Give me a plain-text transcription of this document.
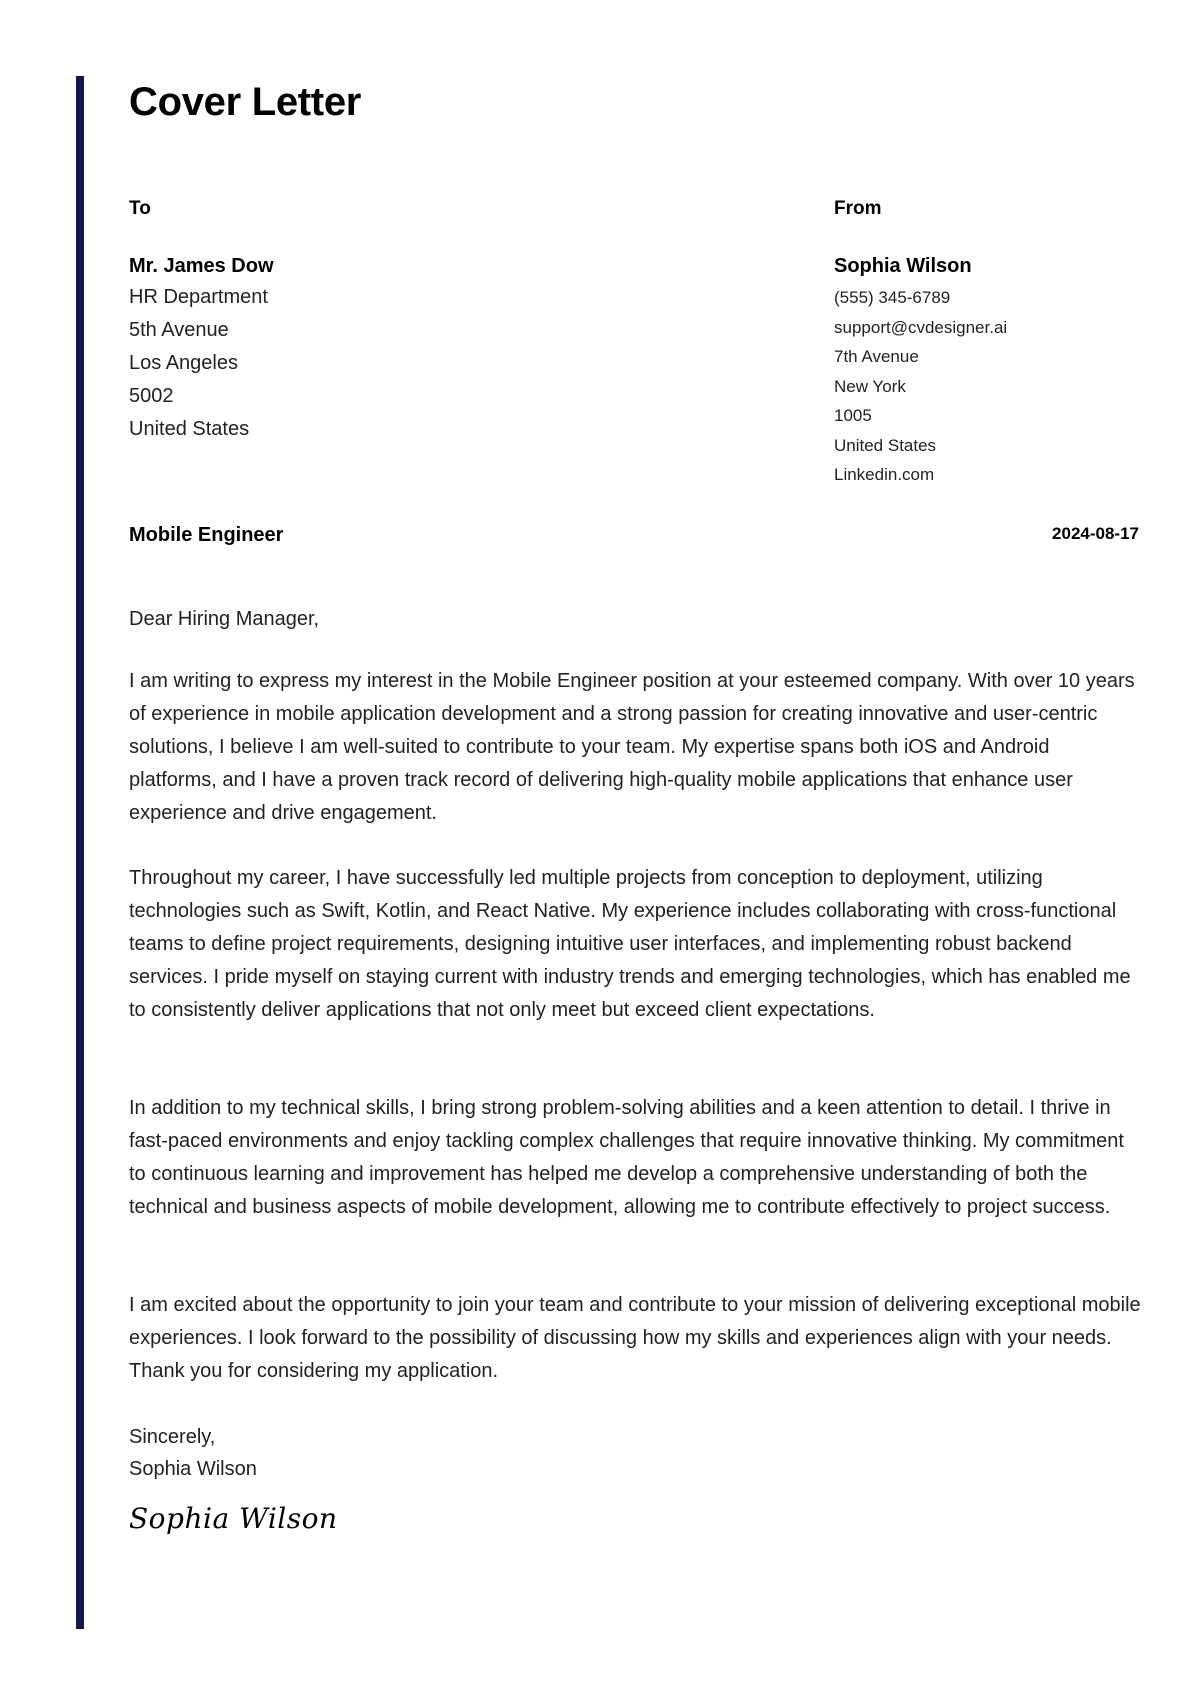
Cover Letter
To
Mr. James Dow
HR Department
5th Avenue
Los Angeles
5002
United States
From
Sophia Wilson
(555) 345-6789
support@cvdesigner.ai
7th Avenue
New York
1005
United States
Linkedin.com
Mobile Engineer	2024-08-17
Dear Hiring Manager,

I am writing to express my interest in the Mobile Engineer position at your esteemed company. With over 10 years of experience in mobile application development and a strong passion for creating innovative and user-centric solutions, I believe I am well-suited to contribute to your team. My expertise spans both iOS and Android platforms, and I have a proven track record of delivering high-quality mobile applications that enhance user experience and drive engagement.

Throughout my career, I have successfully led multiple projects from conception to deployment, utilizing technologies such as Swift, Kotlin, and React Native. My experience includes collaborating with cross-functional teams to define project requirements, designing intuitive user interfaces, and implementing robust backend services. I pride myself on staying current with industry trends and emerging technologies, which has enabled me to consistently deliver applications that not only meet but exceed client expectations.

In addition to my technical skills, I bring strong problem-solving abilities and a keen attention to detail. I thrive in fast-paced environments and enjoy tackling complex challenges that require innovative thinking. My commitment to continuous learning and improvement has helped me develop a comprehensive understanding of both the technical and business aspects of mobile development, allowing me to contribute effectively to project success.

I am excited about the opportunity to join your team and contribute to your mission of delivering exceptional mobile experiences. I look forward to the possibility of discussing how my skills and experiences align with your needs. Thank you for considering my application.

Sincerely,
Sophia Wilson
Sophia Wilson
